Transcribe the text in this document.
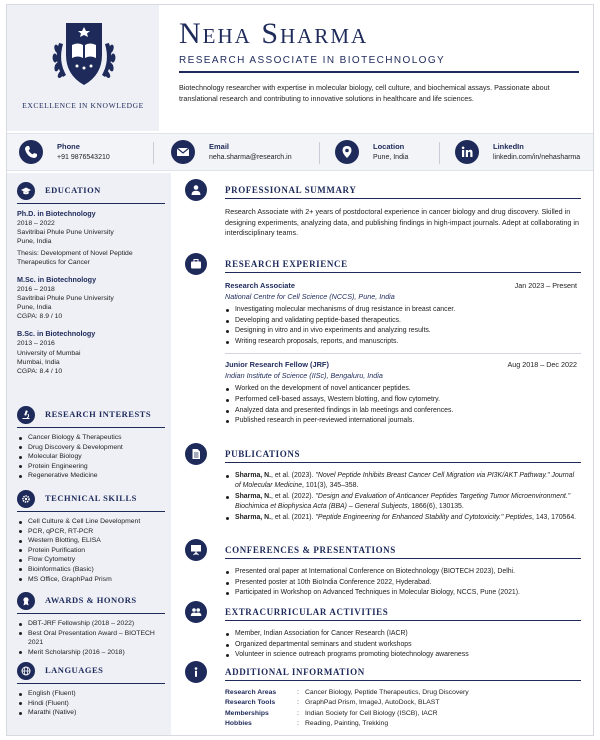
EXCELLENCE IN KNOWLEDGE
Neha Sharma
RESEARCH ASSOCIATE IN BIOTECHNOLOGY
Biotechnology researcher with expertise in molecular biology, cell culture, and biochemical assays. Passionate about translational research and contributing to innovative solutions in healthcare and life sciences.
Phone
+91 9876543210
Email
neha.sharma@research.in
Location
Pune, India
LinkedIn
linkedin.com/in/nehasharma
EDUCATION
Ph.D. in Biotechnology
2018 – 2022
Savitribai Phule Pune University
Pune, India
Thesis: Development of Novel Peptide Therapeutics for Cancer
M.Sc. in Biotechnology
2016 – 2018
Savitribai Phule Pune University
Pune, India
CGPA: 8.9 / 10
B.Sc. in Biotechnology
2013 – 2016
University of Mumbai
Mumbai, India
CGPA: 8.4 / 10
RESEARCH INTERESTS
Cancer Biology & Therapeutics
Drug Discovery & Development
Molecular Biology
Protein Engineering
Regenerative Medicine
TECHNICAL SKILLS
Cell Culture & Cell Line Development
PCR, qPCR, RT-PCR
Western Blotting, ELISA
Protein Purification
Flow Cytometry
Bioinformatics (Basic)
MS Office, GraphPad Prism
AWARDS & HONORS
DBT-JRF Fellowship (2018 – 2022)
Best Oral Presentation Award – BIOTECH 2021
Merit Scholarship (2016 – 2018)
LANGUAGES
English (Fluent)
Hindi (Fluent)
Marathi (Native)
PROFESSIONAL SUMMARY
Research Associate with 2+ years of postdoctoral experience in cancer biology and drug discovery. Skilled in designing experiments, analyzing data, and publishing findings in high-impact journals. Adept at collaborating in interdisciplinary teams.
RESEARCH EXPERIENCE
Research Associate	Jan 2023 – Present
National Centre for Cell Science (NCCS), Pune, India
Investigating molecular mechanisms of drug resistance in breast cancer.
Developing and validating peptide-based therapeutics.
Designing in vitro and in vivo experiments and analyzing results.
Writing research proposals, reports, and manuscripts.
Junior Research Fellow (JRF)	Aug 2018 – Dec 2022
Indian Institute of Science (IISc), Bengaluru, India
Worked on the development of novel anticancer peptides.
Performed cell-based assays, Western blotting, and flow cytometry.
Analyzed data and presented findings in lab meetings and conferences.
Published research in peer-reviewed international journals.
PUBLICATIONS
Sharma, N., et al. (2023). "Novel Peptide Inhibits Breast Cancer Cell Migration via PI3K/AKT Pathway." Journal of Molecular Medicine, 101(3), 345–358.
Sharma, N., et al. (2022). "Design and Evaluation of Anticancer Peptides Targeting Tumor Microenvironment." Biochimica et Biophysica Acta (BBA) – General Subjects, 1866(6), 130135.
Sharma, N., et al. (2021). "Peptide Engineering for Enhanced Stability and Cytotoxicity." Peptides, 143, 170564.
CONFERENCES & PRESENTATIONS
Presented oral paper at International Conference on Biotechnology (BIOTECH 2023), Delhi.
Presented poster at 10th BioIndia Conference 2022, Hyderabad.
Participated in Workshop on Advanced Techniques in Molecular Biology, NCCS, Pune (2021).
EXTRACURRICULAR ACTIVITIES
Member, Indian Association for Cancer Research (IACR)
Organized departmental seminars and student workshops
Volunteer in science outreach programs promoting biotechnology awareness
ADDITIONAL INFORMATION
Research Areas	: Cancer Biology, Peptide Therapeutics, Drug Discovery
Research Tools	: GraphPad Prism, ImageJ, AutoDock, BLAST
Memberships	: Indian Society for Cell Biology (ISCB), IACR
Hobbies	: Reading, Painting, Trekking
